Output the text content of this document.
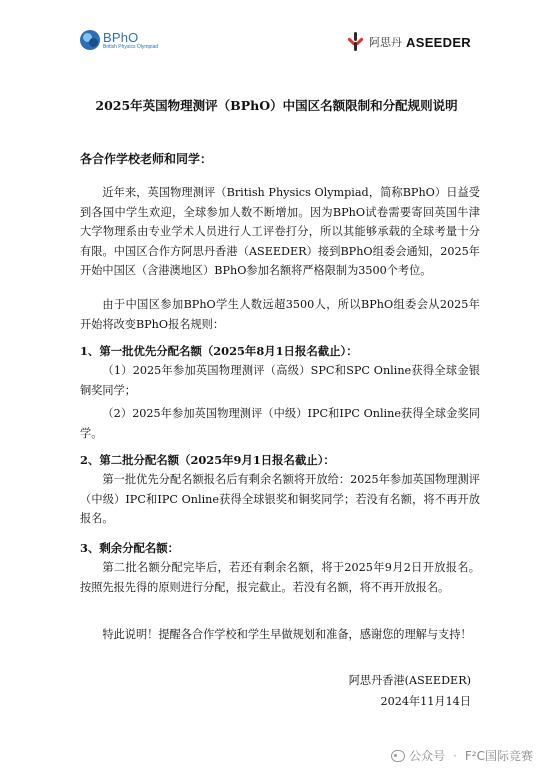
BPhO
British Physics Olympiad	阿思丹 ASEEDER
2025年英国物理测评（BPhO）中国区名额限制和分配规则说明
各合作学校老师和同学：

近年来，英国物理测评（British Physics Olympiad，简称BPhO）日益受到各国中学生欢迎，全球参加人数不断增加。因为BPhO试卷需要寄回英国牛津大学物理系由专业学术人员进行人工评卷打分，所以其能够承载的全球考量十分有限。中国区合作方阿思丹香港（ASEEDER）接到BPhO组委会通知，2025年开始中国区（含港澳地区）BPhO参加名额将严格限制为3500个考位。

由于中国区参加BPhO学生人数远超3500人，所以BPhO组委会从2025年开始将改变BPhO报名规则：

1、第一批优先分配名额（2025年8月1日报名截止）：

（1）2025年参加英国物理测评（高级）SPC和SPC Online获得全球金银铜奖同学；

（2）2025年参加英国物理测评（中级）IPC和IPC Online获得全球金奖同学。

2、第二批分配名额（2025年9月1日报名截止）：

第一批优先分配名额报名后有剩余名额将开放给：2025年参加英国物理测评（中级）IPC和IPC Online获得全球银奖和铜奖同学；若没有名额，将不再开放报名。

3、剩余分配名额：

第二批名额分配完毕后，若还有剩余名额，将于2025年9月2日开放报名。按照先报先得的原则进行分配，报完截止。若没有名额，将不再开放报名。

特此说明！提醒各合作学校和学生早做规划和准备，感谢您的理解与支持！
阿思丹香港(ASEEDER)
2024年11月14日
公众号 · F²C国际竞赛
